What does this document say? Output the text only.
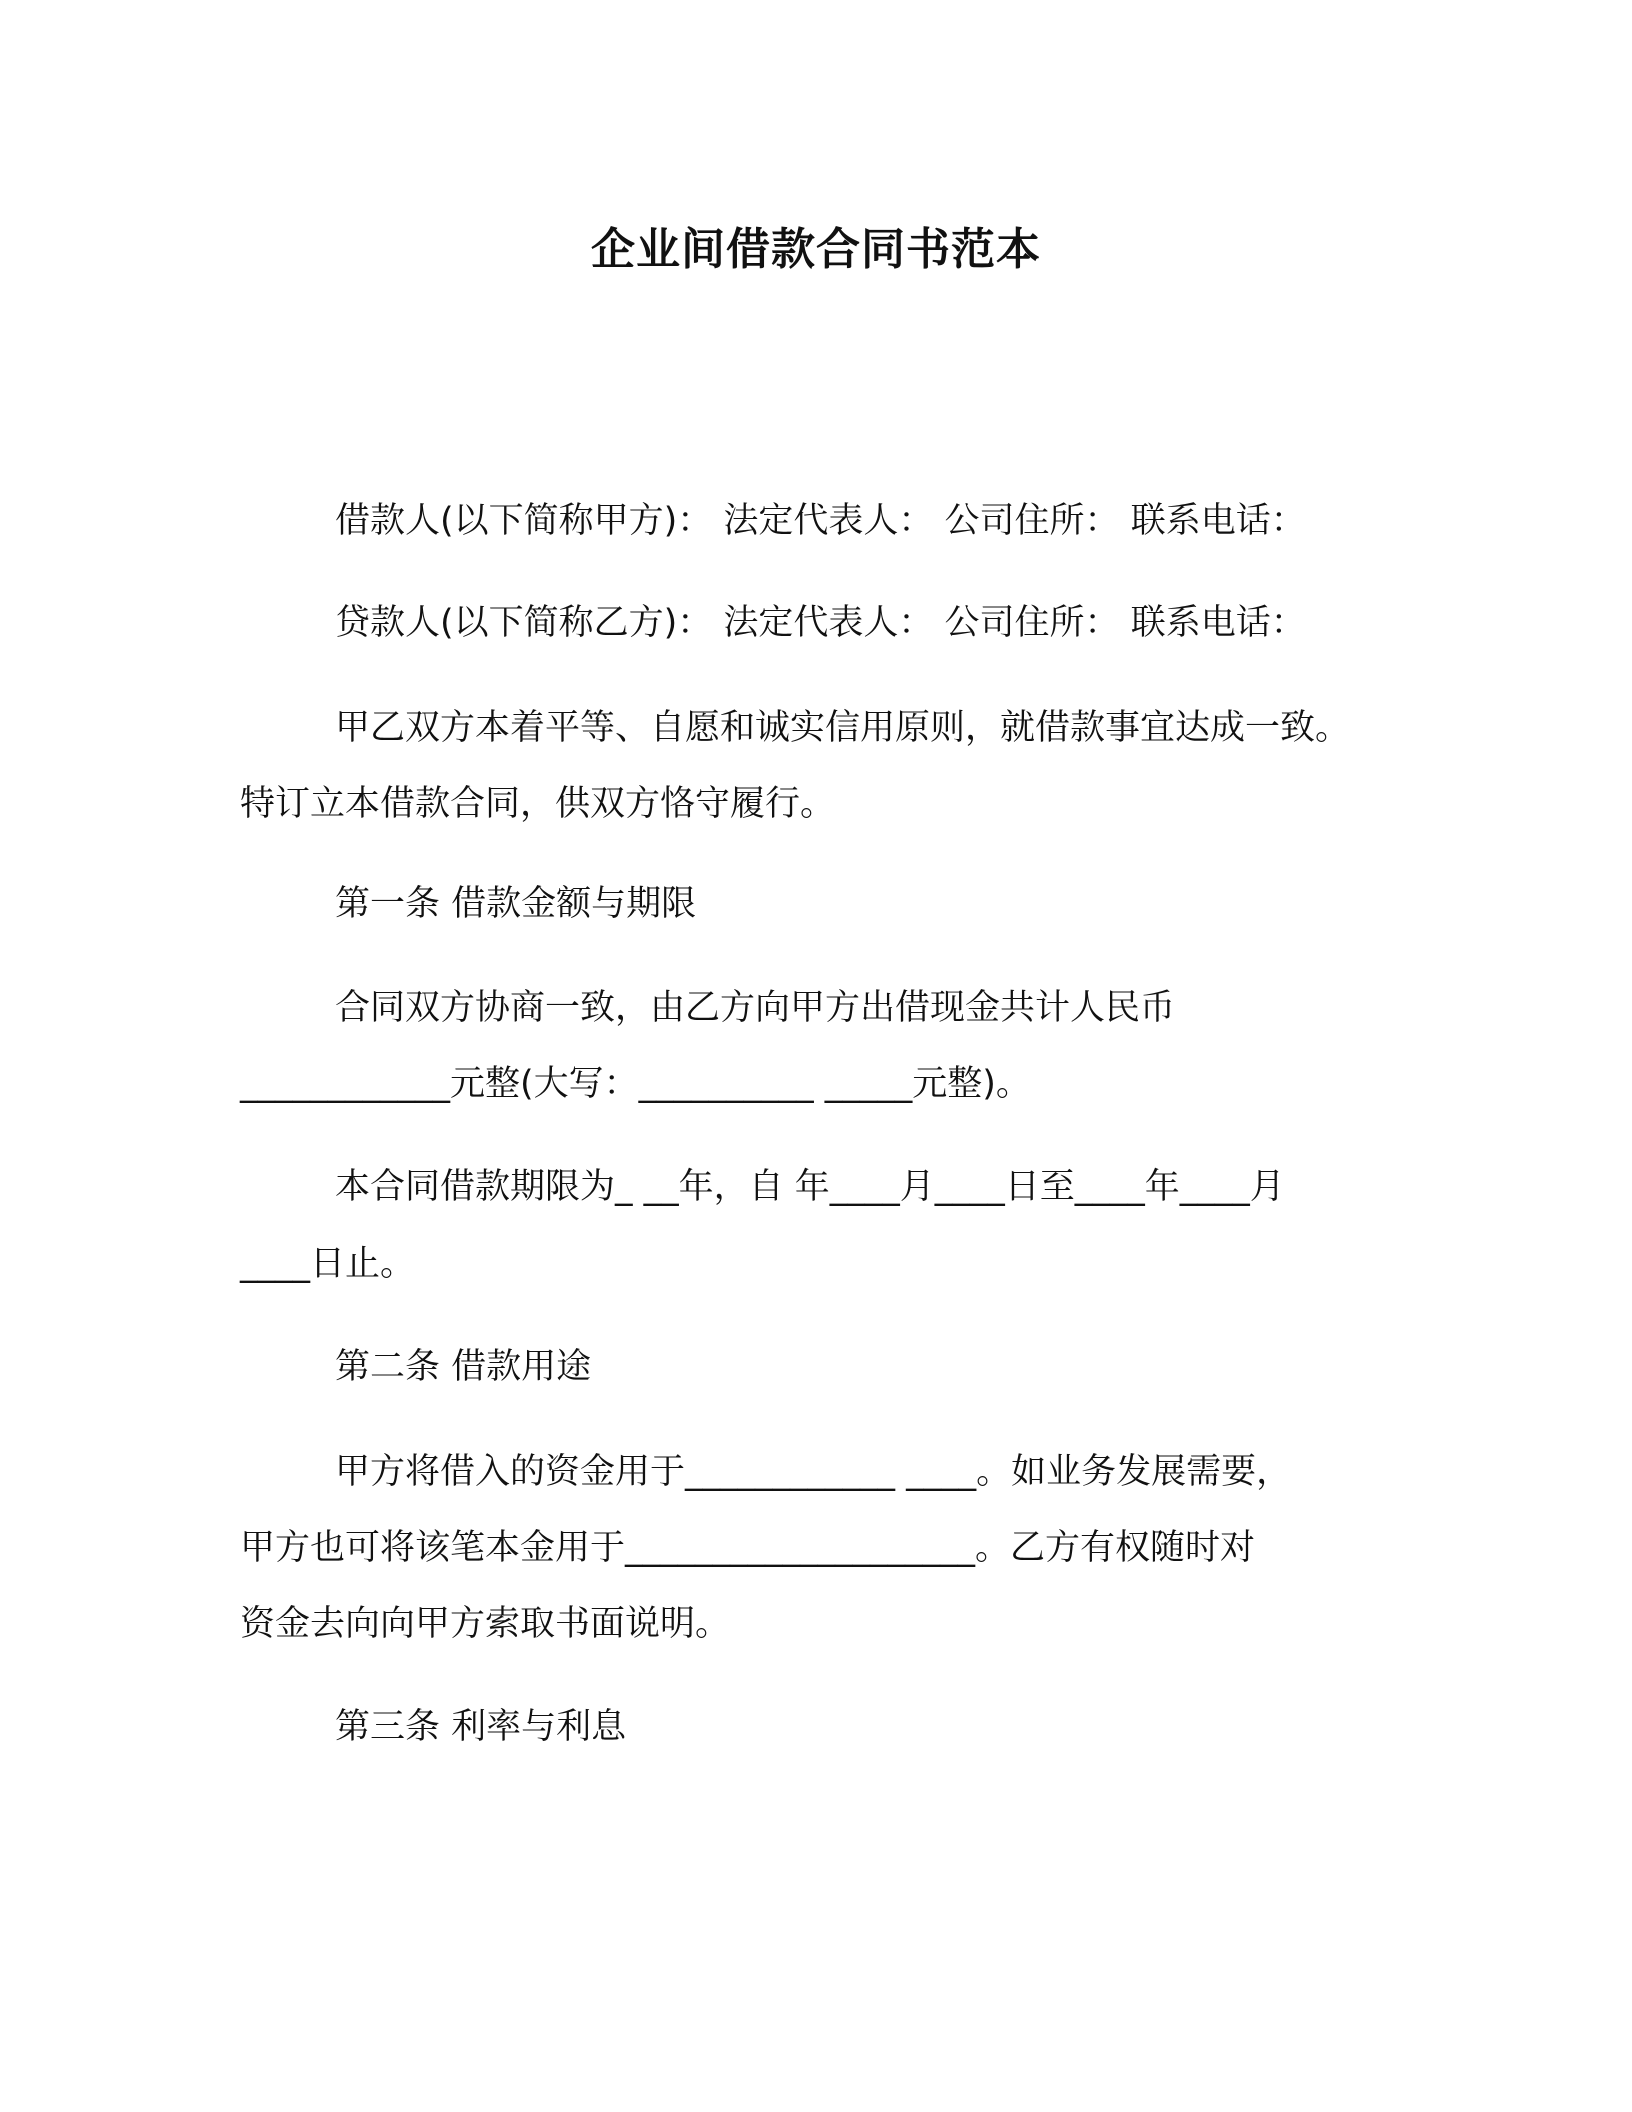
企业间借款合同书范本
借款人(以下简称甲方)： 法定代表人： 公司住所： 联系电话：
贷款人(以下简称乙方)： 法定代表人： 公司住所： 联系电话：
甲乙双方本着平等、自愿和诚实信用原则，就借款事宜达成一致。
特订立本借款合同，供双方恪守履行。
第一条 借款金额与期限
合同双方协商一致，由乙方向甲方出借现金共计人民币
____________元整(大写：__________ _____元整)。
本合同借款期限为_ __年，自 年____月____日至____年____月
____日止。
第二条 借款用途
甲方将借入的资金用于____________ ____。如业务发展需要，
甲方也可将该笔本金用于____________________。乙方有权随时对
资金去向向甲方索取书面说明。
第三条 利率与利息
